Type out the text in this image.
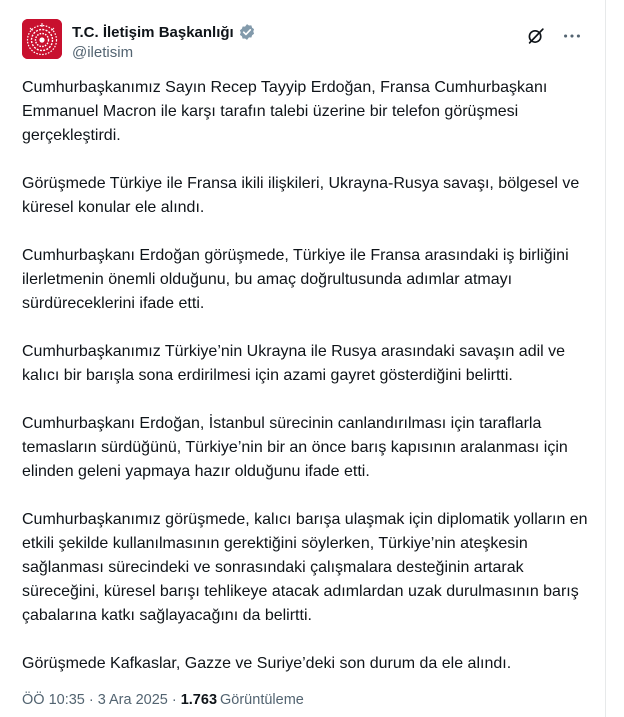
T.C. İletişim Başkanlığı
@iletisim

Cumhurbaşkanımız Sayın Recep Tayyip Erdoğan, Fransa Cumhurbaşkanı Emmanuel Macron ile karşı tarafın talebi üzerine bir telefon görüşmesi gerçekleştirdi.

Görüşmede Türkiye ile Fransa ikili ilişkileri, Ukrayna-Rusya savaşı, bölgesel ve küresel konular ele alındı.

Cumhurbaşkanı Erdoğan görüşmede, Türkiye ile Fransa arasındaki iş birliğini ilerletmenin önemli olduğunu, bu amaç doğrultusunda adımlar atmayı sürdüreceklerini ifade etti.

Cumhurbaşkanımız Türkiye’nin Ukrayna ile Rusya arasındaki savaşın adil ve kalıcı bir barışla sona erdirilmesi için azami gayret gösterdiğini belirtti.

Cumhurbaşkanı Erdoğan, İstanbul sürecinin canlandırılması için taraflarla temasların sürdüğünü, Türkiye’nin bir an önce barış kapısının aralanması için elinden geleni yapmaya hazır olduğunu ifade etti.

Cumhurbaşkanımız görüşmede, kalıcı barışa ulaşmak için diplomatik yolların en etkili şekilde kullanılmasının gerektiğini söylerken, Türkiye’nin ateşkesin sağlanması sürecindeki ve sonrasındaki çalışmalara desteğinin artarak süreceğini, küresel barışı tehlikeye atacak adımlardan uzak durulmasının barış çabalarına katkı sağlayacağını da belirtti.

Görüşmede Kafkaslar, Gazze ve Suriye’deki son durum da ele alındı.

ÖÖ 10:35 · 3 Ara 2025 · 1.763 Görüntüleme
